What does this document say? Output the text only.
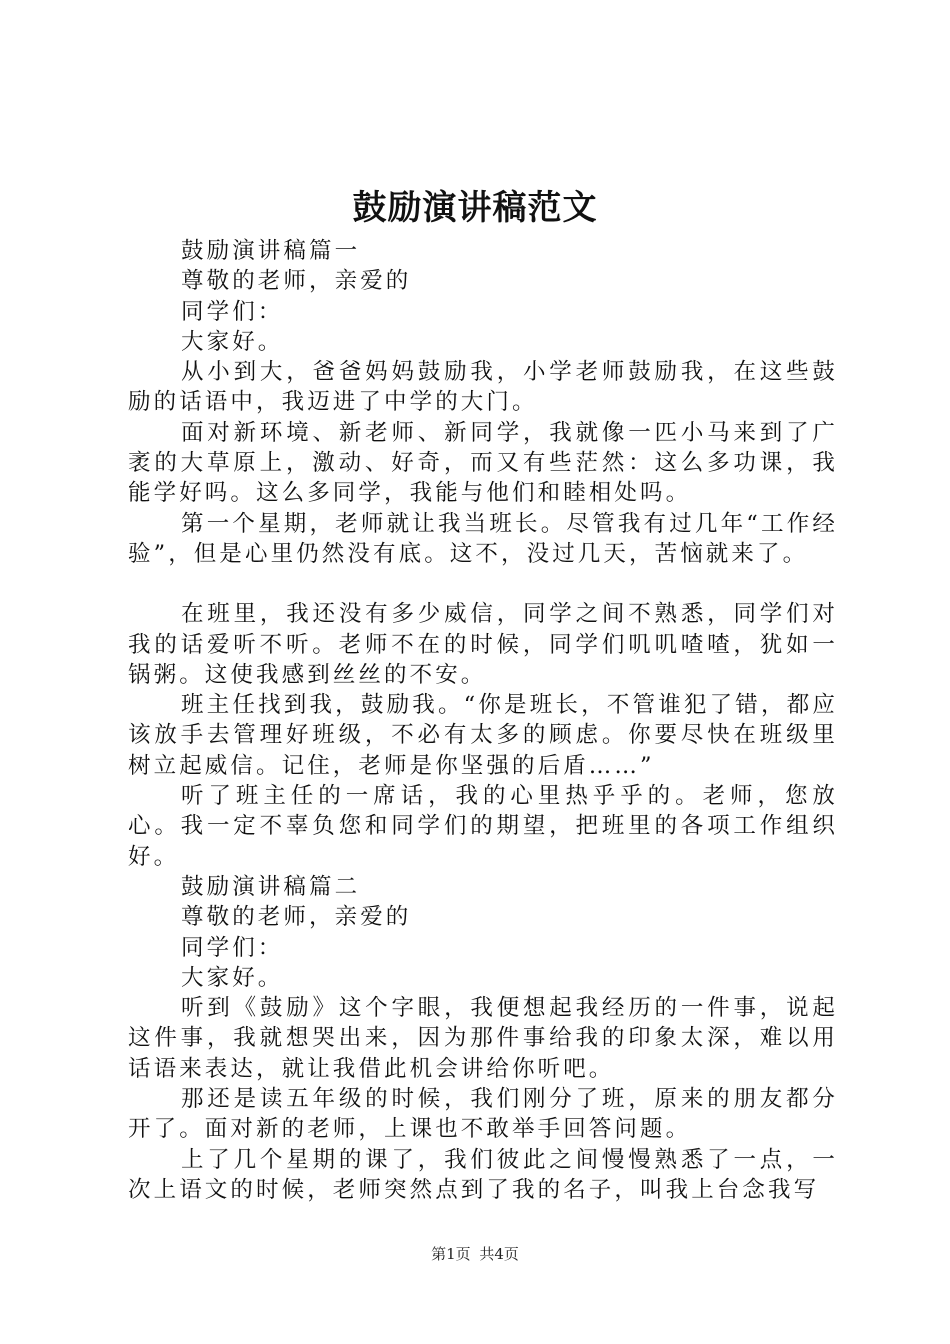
鼓励演讲稿范文

鼓励演讲稿篇一

尊敬的老师，亲爱的

同学们：

大家好。

从小到大，爸爸妈妈鼓励我，小学老师鼓励我，在这些鼓励的话语中，我迈进了中学的大门。

面对新环境、新老师、新同学，我就像一匹小马来到了广袤的大草原上，激动、好奇，而又有些茫然：这么多功课，我能学好吗。这么多同学，我能与他们和睦相处吗。

第一个星期，老师就让我当班长。尽管我有过几年“工作经验”，但是心里仍然没有底。这不，没过几天，苦恼就来了。

在班里，我还没有多少威信，同学之间不熟悉，同学们对我的话爱听不听。老师不在的时候，同学们叽叽喳喳，犹如一锅粥。这使我感到丝丝的不安。

班主任找到我，鼓励我。“你是班长，不管谁犯了错，都应该放手去管理好班级，不必有太多的顾虑。你要尽快在班级里树立起威信。记住，老师是你坚强的后盾……”

听了班主任的一席话，我的心里热乎乎的。老师，您放心。我一定不辜负您和同学们的期望，把班里的各项工作组织好。

鼓励演讲稿篇二

尊敬的老师，亲爱的

同学们：

大家好。

听到《鼓励》这个字眼，我便想起我经历的一件事，说起这件事，我就想哭出来，因为那件事给我的印象太深，难以用话语来表达，就让我借此机会讲给你听吧。

那还是读五年级的时候，我们刚分了班，原来的朋友都分开了。面对新的老师，上课也不敢举手回答问题。

上了几个星期的课了，我们彼此之间慢慢熟悉了一点，一次上语文的时候，老师突然点到了我的名子，叫我上台念我写

第1页 共4页
